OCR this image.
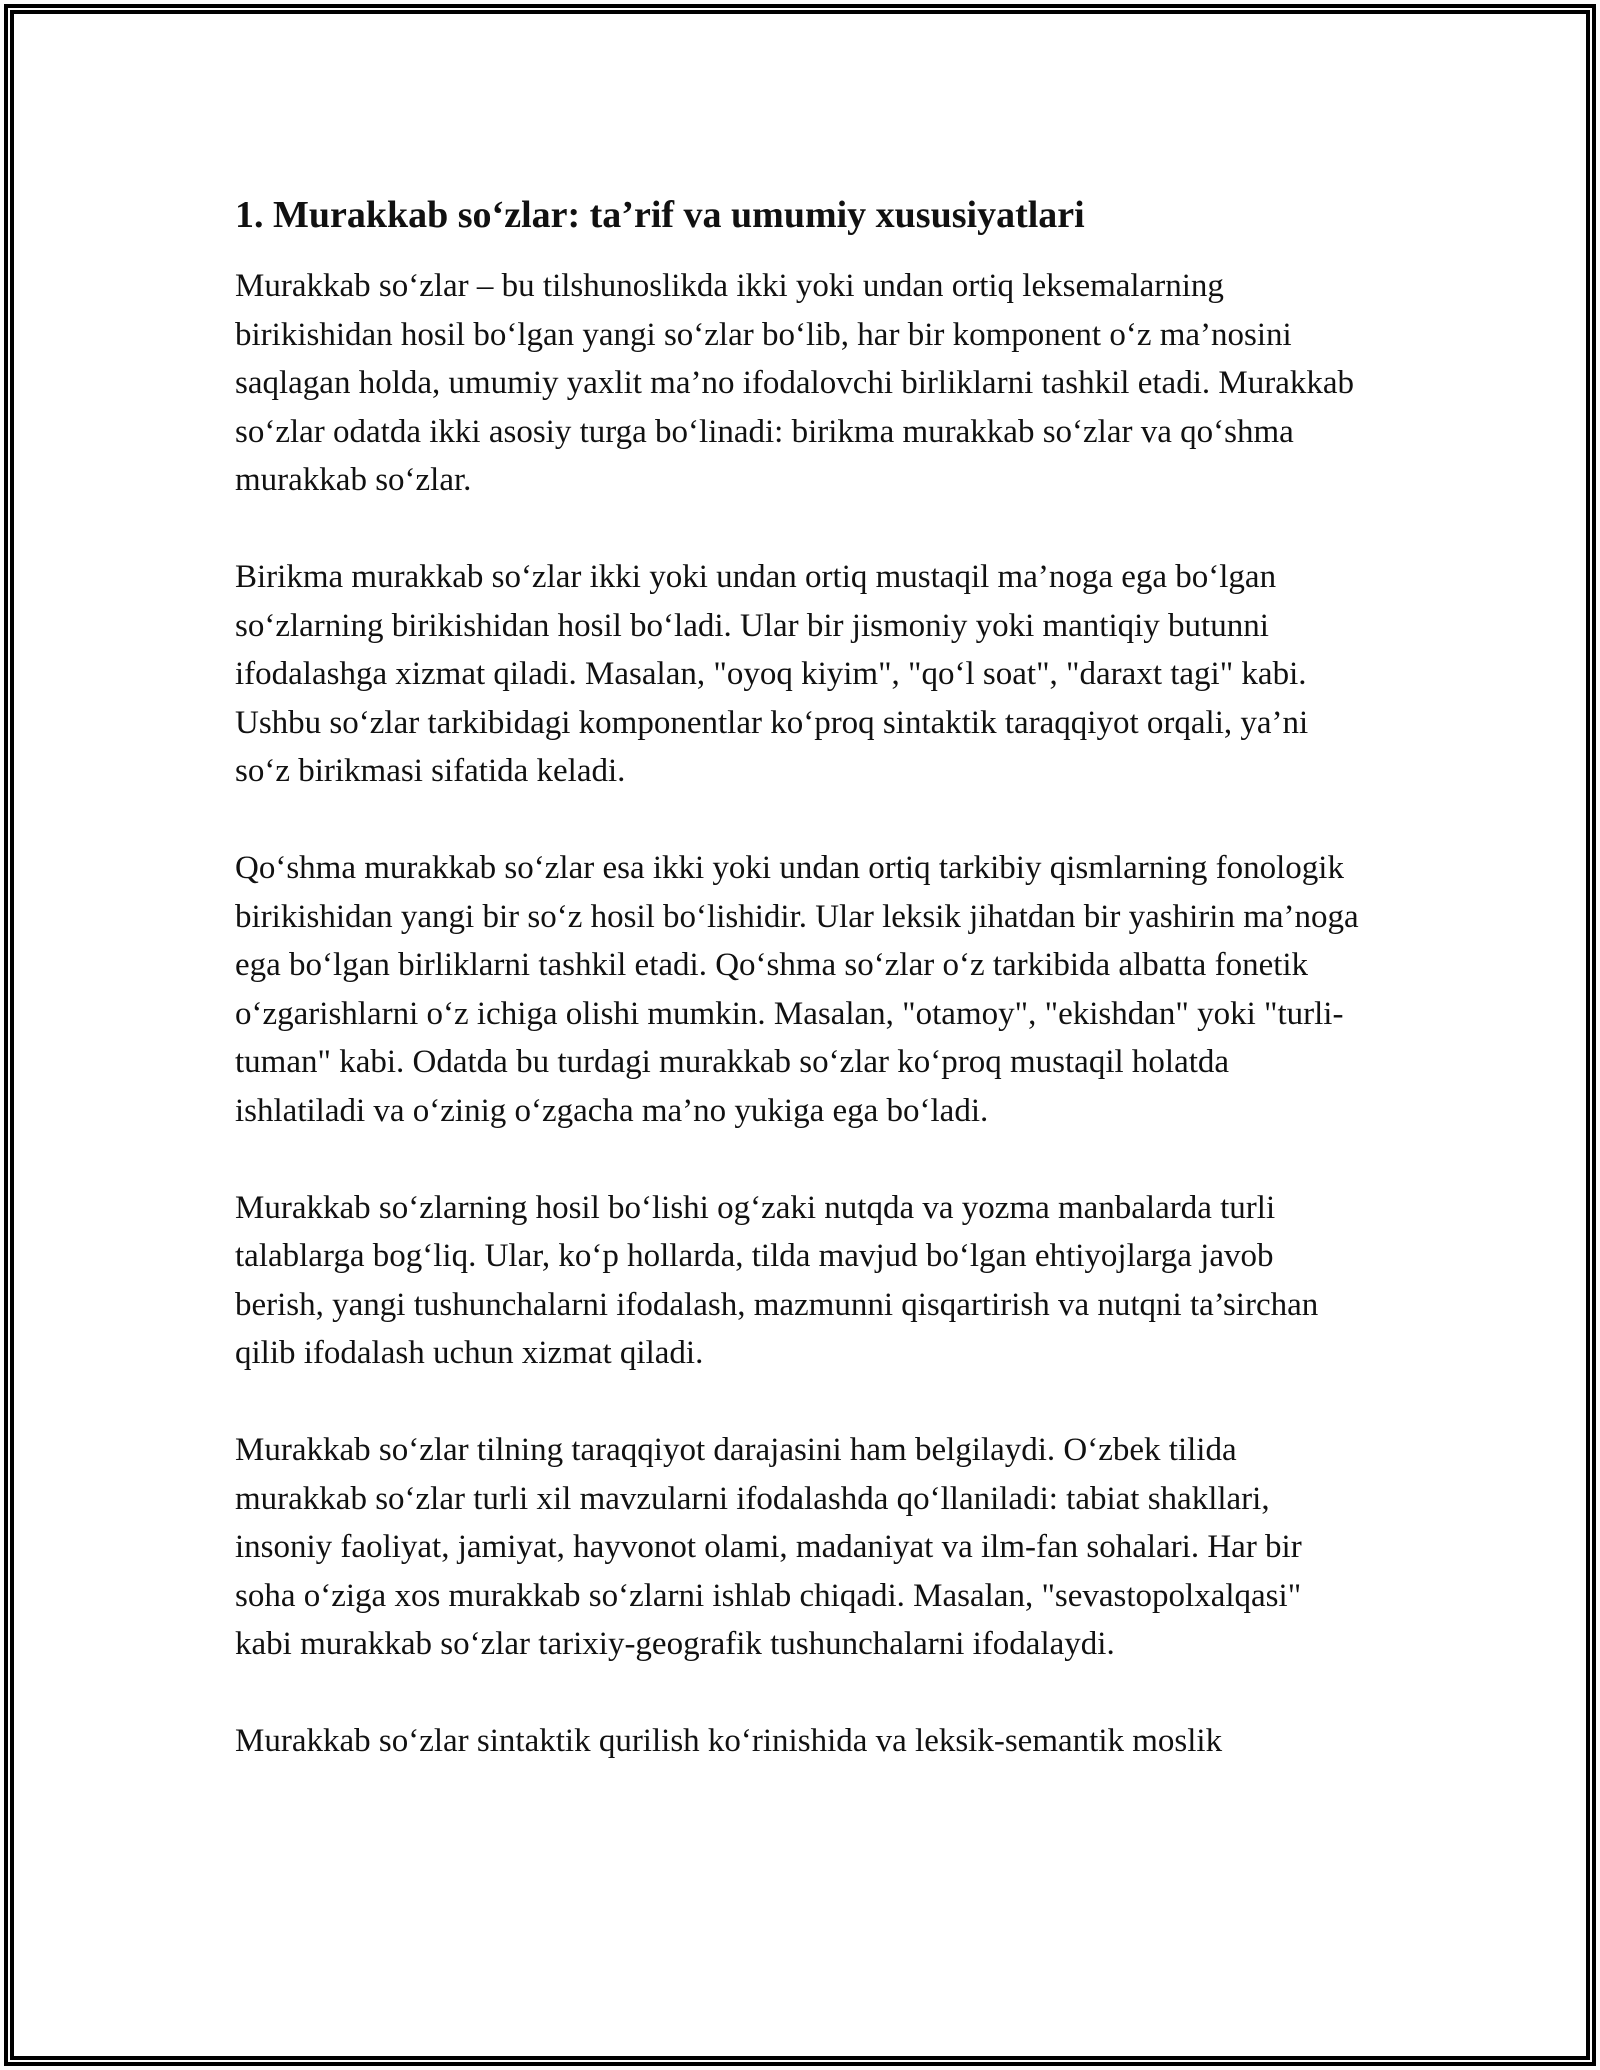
1. Murakkab so‘zlar: ta’rif va umumiy xususiyatlari

Murakkab so‘zlar – bu tilshunoslikda ikki yoki undan ortiq leksemalarning birikishidan hosil bo‘lgan yangi so‘zlar bo‘lib, har bir komponent o‘z ma’nosini saqlagan holda, umumiy yaxlit ma’no ifodalovchi birliklarni tashkil etadi. Murakkab so‘zlar odatda ikki asosiy turga bo‘linadi: birikma murakkab so‘zlar va qo‘shma murakkab so‘zlar.

Birikma murakkab so‘zlar ikki yoki undan ortiq mustaqil ma’noga ega bo‘lgan so‘zlarning birikishidan hosil bo‘ladi. Ular bir jismoniy yoki mantiqiy butunni ifodalashga xizmat qiladi. Masalan, "oyoq kiyim", "qo‘l soat", "daraxt tagi" kabi. Ushbu so‘zlar tarkibidagi komponentlar ko‘proq sintaktik taraqqiyot orqali, ya’ni so‘z birikmasi sifatida keladi.

Qo‘shma murakkab so‘zlar esa ikki yoki undan ortiq tarkibiy qismlarning fonologik birikishidan yangi bir so‘z hosil bo‘lishidir. Ular leksik jihatdan bir yashirin ma’noga ega bo‘lgan birliklarni tashkil etadi. Qo‘shma so‘zlar o‘z tarkibida albatta fonetik o‘zgarishlarni o‘z ichiga olishi mumkin. Masalan, "otamoy", "ekishdan" yoki "turli-tuman" kabi. Odatda bu turdagi murakkab so‘zlar ko‘proq mustaqil holatda ishlatiladi va o‘zinig o‘zgacha ma’no yukiga ega bo‘ladi.

Murakkab so‘zlarning hosil bo‘lishi og‘zaki nutqda va yozma manbalarda turli talablarga bog‘liq. Ular, ko‘p hollarda, tilda mavjud bo‘lgan ehtiyojlarga javob berish, yangi tushunchalarni ifodalash, mazmunni qisqartirish va nutqni ta’sirchan qilib ifodalash uchun xizmat qiladi.

Murakkab so‘zlar tilning taraqqiyot darajasini ham belgilaydi. O‘zbek tilida murakkab so‘zlar turli xil mavzularni ifodalashda qo‘llaniladi: tabiat shakllari, insoniy faoliyat, jamiyat, hayvonot olami, madaniyat va ilm-fan sohalari. Har bir soha o‘ziga xos murakkab so‘zlarni ishlab chiqadi. Masalan, "sevastopolxalqasi" kabi murakkab so‘zlar tarixiy-geografik tushunchalarni ifodalaydi.

Murakkab so‘zlar sintaktik qurilish ko‘rinishida va leksik-semantik moslik
